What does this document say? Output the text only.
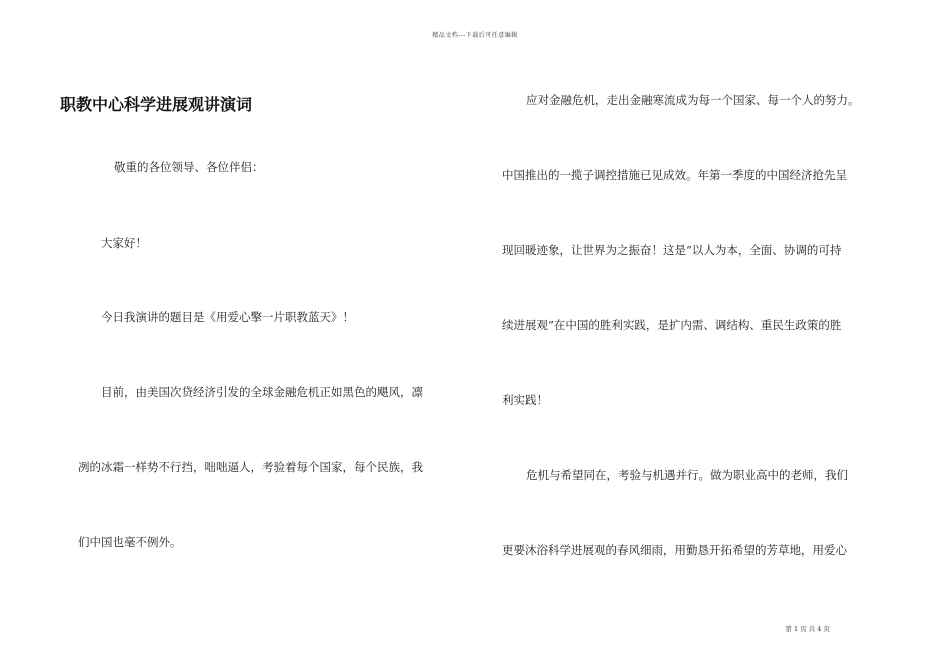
精品文档---下载后可任意编辑
职教中心科学进展观讲演词
敬重的各位领导、各位伴侣：
大家好！
今日我演讲的题目是《用爱心擎一片职教蓝天》！
目前，由美国次贷经济引发的全球金融危机正如黑色的飓风，凛
冽的冰霜一样势不行挡，咄咄逼人，考验着每个国家，每个民族，我
们中国也毫不例外。
应对金融危机，走出金融寒流成为每一个国家、每一个人的努力。
中国推出的一揽子调控措施已见成效。年第一季度的中国经济抢先呈
现回暖迹象，让世界为之振奋！这是“以人为本，全面、协调的可持
续进展观”在中国的胜利实践，是扩内需、调结构、重民生政策的胜
利实践！
危机与希望同在，考验与机遇并行。做为职业高中的老师，我们
更要沐浴科学进展观的春风细雨，用勤恳开拓希望的芳草地，用爱心
第 1 页 共 4 页
